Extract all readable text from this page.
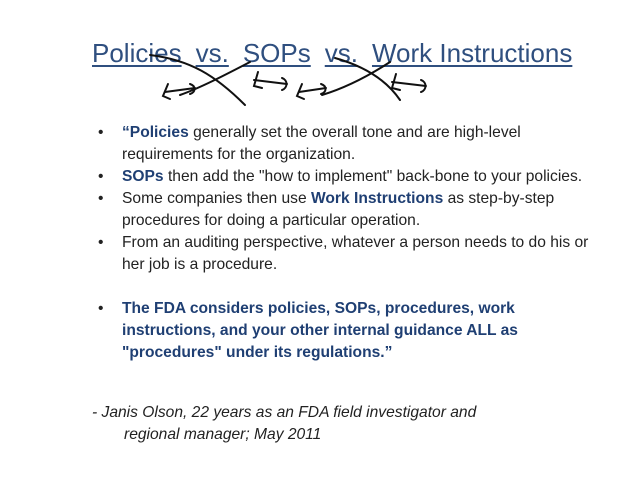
Policies vs. SOPs vs. Work Instructions

• “Policies generally set the overall tone and are high-level requirements for the organization.

• SOPs then add the "how to implement" back-bone to your policies.

• Some companies then use Work Instructions as step-by-step procedures for doing a particular operation.

• From an auditing perspective, whatever a person needs to do his or her job is a procedure.

• The FDA considers policies, SOPs, procedures, work instructions, and your other internal guidance ALL as "procedures" under its regulations.”

- Janis Olson, 22 years as an FDA field investigator and
regional manager; May 2011
